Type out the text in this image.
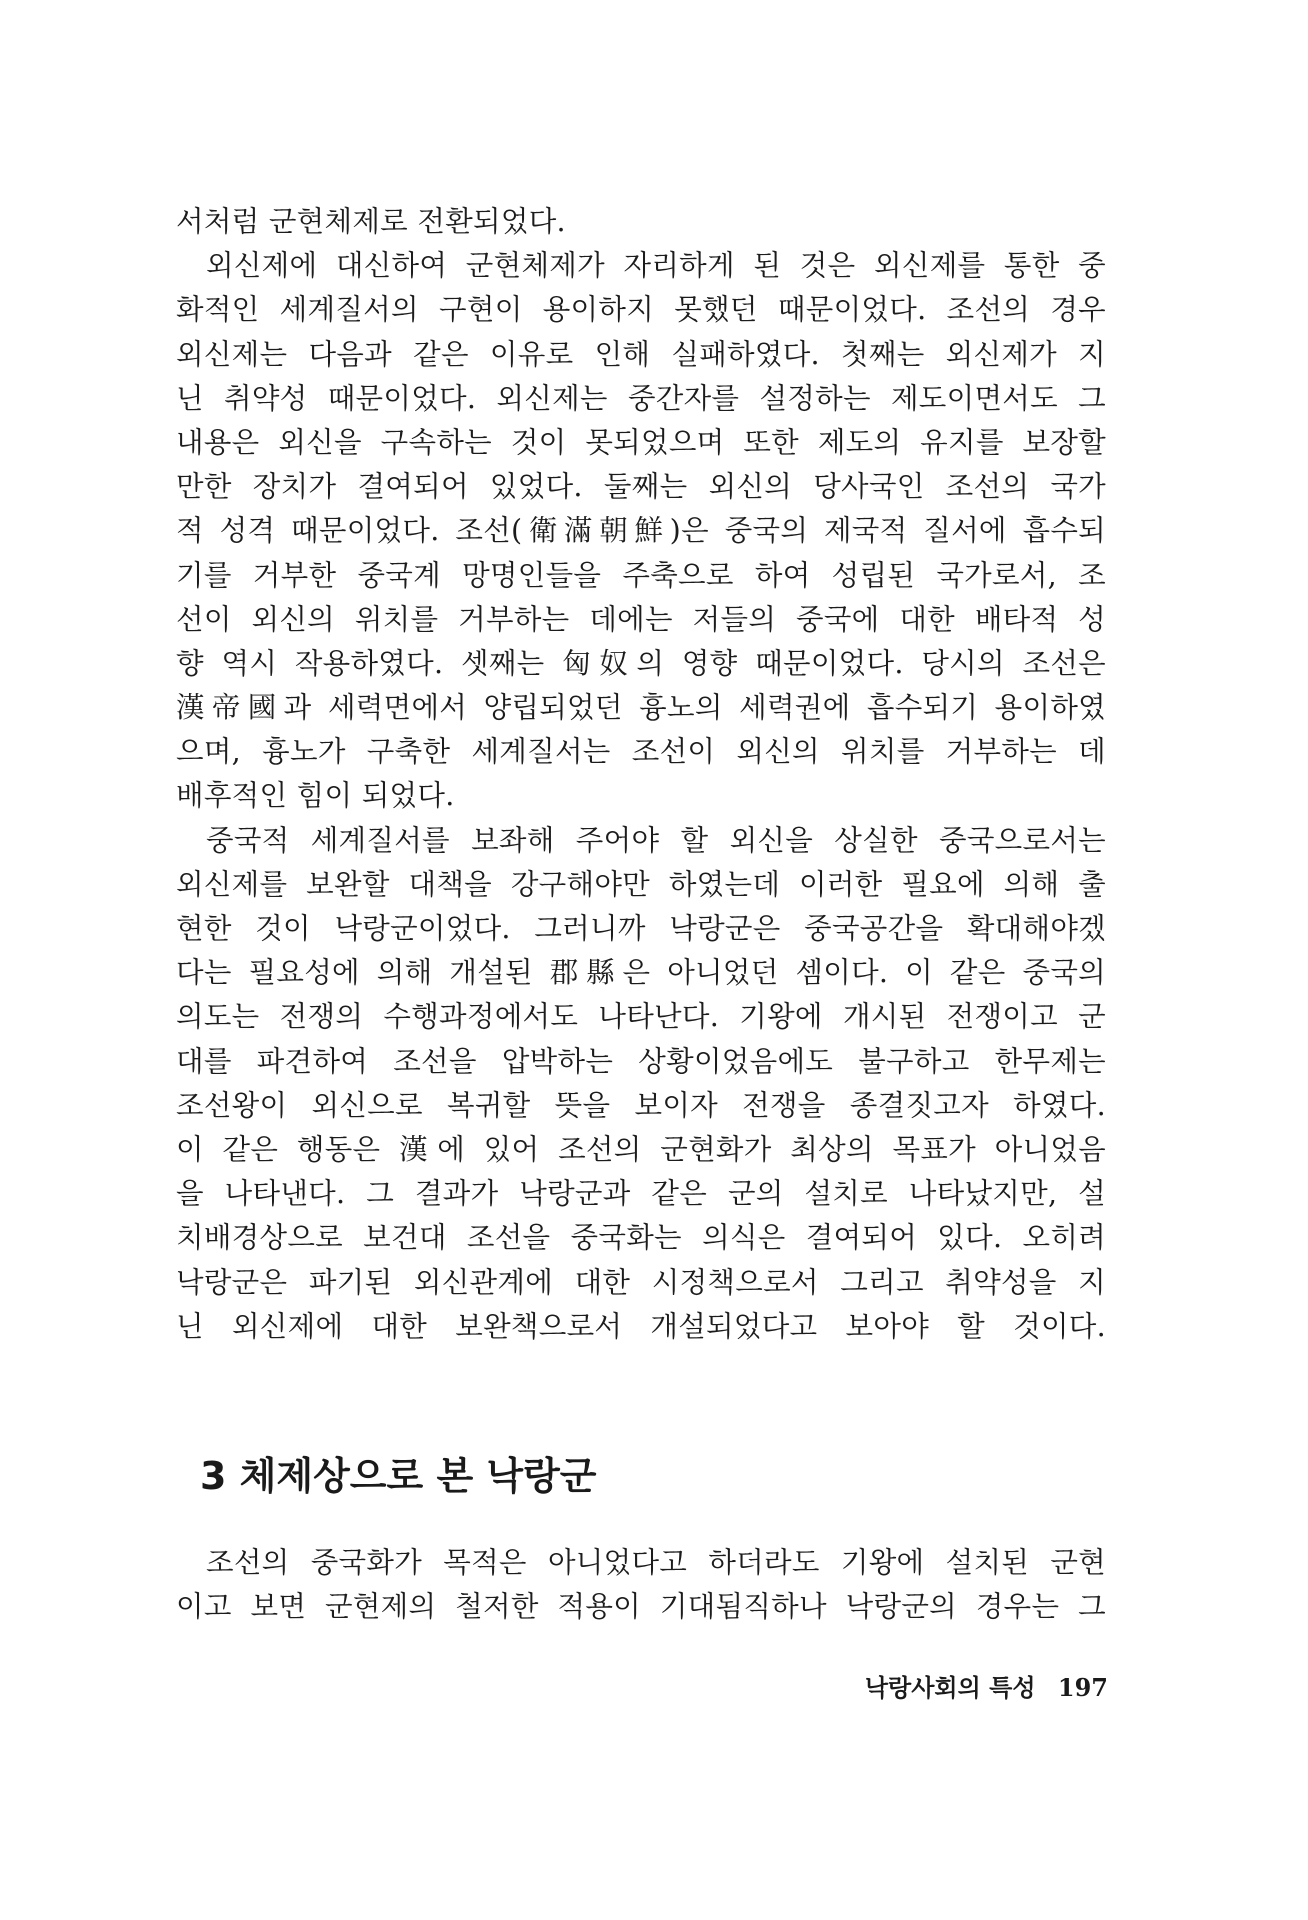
서처럼 군현체제로 전환되었다.
외신제에 대신하여 군현체제가 자리하게 된 것은 외신제를 통한 중
화적인 세계질서의 구현이 용이하지 못했던 때문이었다. 조선의 경우
외신제는 다음과 같은 이유로 인해 실패하였다. 첫째는 외신제가 지
닌 취약성 때문이었다. 외신제는 중간자를 설정하는 제도이면서도 그
내용은 외신을 구속하는 것이 못되었으며 또한 제도의 유지를 보장할
만한 장치가 결여되어 있었다. 둘째는 외신의 당사국인 조선의 국가
적 성격 때문이었다. 조선(衛滿朝鮮)은 중국의 제국적 질서에 흡수되
기를 거부한 중국계 망명인들을 주축으로 하여 성립된 국가로서, 조
선이 외신의 위치를 거부하는 데에는 저들의 중국에 대한 배타적 성
향 역시 작용하였다. 셋째는 匈奴의 영향 때문이었다. 당시의 조선은
漢帝國과 세력면에서 양립되었던 흉노의 세력권에 흡수되기 용이하였
으며, 흉노가 구축한 세계질서는 조선이 외신의 위치를 거부하는 데
배후적인 힘이 되었다.
중국적 세계질서를 보좌해 주어야 할 외신을 상실한 중국으로서는
외신제를 보완할 대책을 강구해야만 하였는데 이러한 필요에 의해 출
현한 것이 낙랑군이었다. 그러니까 낙랑군은 중국공간을 확대해야겠
다는 필요성에 의해 개설된 郡縣은 아니었던 셈이다. 이 같은 중국의
의도는 전쟁의 수행과정에서도 나타난다. 기왕에 개시된 전쟁이고 군
대를 파견하여 조선을 압박하는 상황이었음에도 불구하고 한무제는
조선왕이 외신으로 복귀할 뜻을 보이자 전쟁을 종결짓고자 하였다.
이 같은 행동은 漢에 있어 조선의 군현화가 최상의 목표가 아니었음
을 나타낸다. 그 결과가 낙랑군과 같은 군의 설치로 나타났지만, 설
치배경상으로 보건대 조선을 중국화는 의식은 결여되어 있다. 오히려
낙랑군은 파기된 외신관계에 대한 시정책으로서 그리고 취약성을 지
닌 외신제에 대한 보완책으로서 개설되었다고 보아야 할 것이다.
3 체제상으로 본 낙랑군
조선의 중국화가 목적은 아니었다고 하더라도 기왕에 설치된 군현
이고 보면 군현제의 철저한 적용이 기대됨직하나 낙랑군의 경우는 그
낙랑사회의 특성 197
